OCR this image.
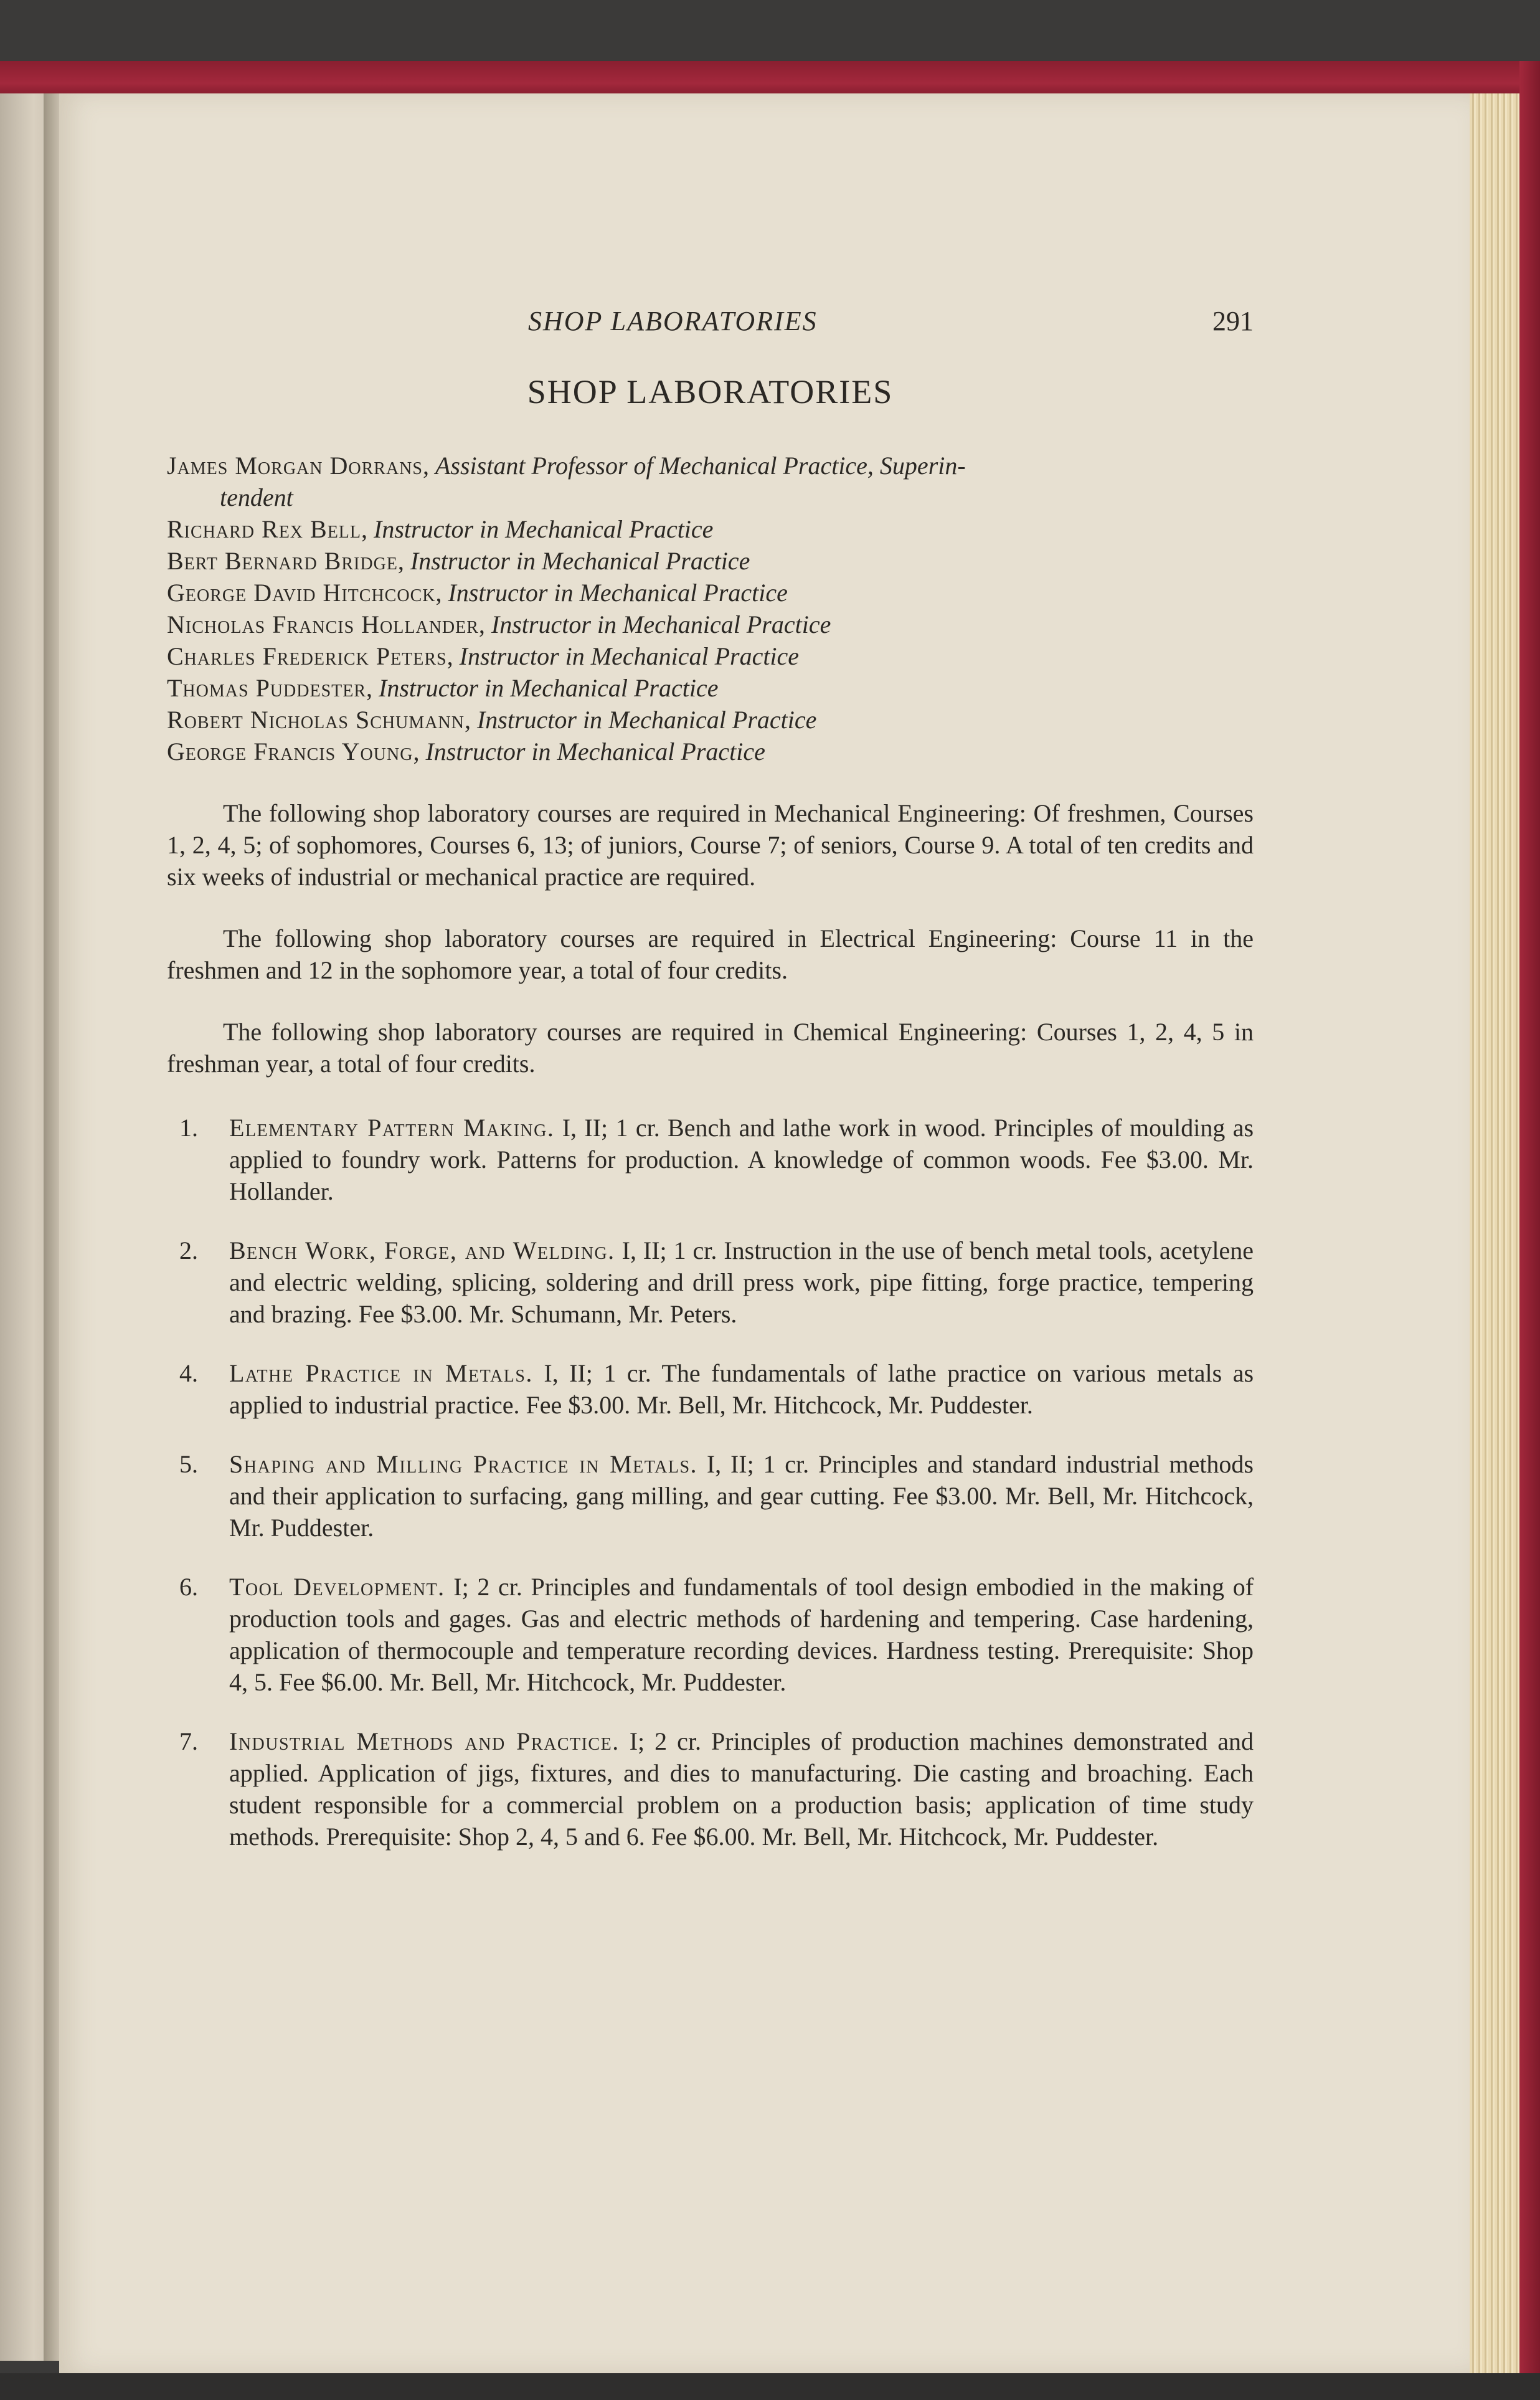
SHOP LABORATORIES	291
SHOP LABORATORIES
James Morgan Dorrans, Assistant Professor of Mechanical Practice, Superin-
tendent
Richard Rex Bell, Instructor in Mechanical Practice
Bert Bernard Bridge, Instructor in Mechanical Practice
George David Hitchcock, Instructor in Mechanical Practice
Nicholas Francis Hollander, Instructor in Mechanical Practice
Charles Frederick Peters, Instructor in Mechanical Practice
Thomas Puddester, Instructor in Mechanical Practice
Robert Nicholas Schumann, Instructor in Mechanical Practice
George Francis Young, Instructor in Mechanical Practice

The following shop laboratory courses are required in Mechanical Engineering: Of freshmen, Courses 1, 2, 4, 5; of sophomores, Courses 6, 13; of juniors, Course 7; of seniors, Course 9. A total of ten credits and six weeks of industrial or mechanical practice are required.

The following shop laboratory courses are required in Electrical Engineering: Course 11 in the freshmen and 12 in the sophomore year, a total of four credits.

The following shop laboratory courses are required in Chemical Engineering: Courses 1, 2, 4, 5 in freshman year, a total of four credits.

1.	Elementary Pattern Making. I, II; 1 cr. Bench and lathe work in wood. Principles of moulding as applied to foundry work. Patterns for production. A knowledge of common woods. Fee $3.00. Mr. Hollander.
2.	Bench Work, Forge, and Welding. I, II; 1 cr. Instruction in the use of bench metal tools, acetylene and electric welding, splicing, soldering and drill press work, pipe fitting, forge practice, tempering and brazing. Fee $3.00. Mr. Schumann, Mr. Peters.
4.	Lathe Practice in Metals. I, II; 1 cr. The fundamentals of lathe practice on various metals as applied to industrial practice. Fee $3.00. Mr. Bell, Mr. Hitchcock, Mr. Puddester.
5.	Shaping and Milling Practice in Metals. I, II; 1 cr. Principles and standard industrial methods and their application to surfacing, gang milling, and gear cutting. Fee $3.00. Mr. Bell, Mr. Hitchcock, Mr. Puddester.
6.	Tool Development. I; 2 cr. Principles and fundamentals of tool design embodied in the making of production tools and gages. Gas and electric methods of hardening and tempering. Case hardening, application of thermocouple and temperature recording devices. Hardness testing. Prerequisite: Shop 4, 5. Fee $6.00. Mr. Bell, Mr. Hitchcock, Mr. Puddester.
7.	Industrial Methods and Practice. I; 2 cr. Principles of production machines demonstrated and applied. Application of jigs, fixtures, and dies to manufacturing. Die casting and broaching. Each student responsible for a commercial problem on a production basis; application of time study methods. Prerequisite: Shop 2, 4, 5 and 6. Fee $6.00. Mr. Bell, Mr. Hitchcock, Mr. Puddester.
